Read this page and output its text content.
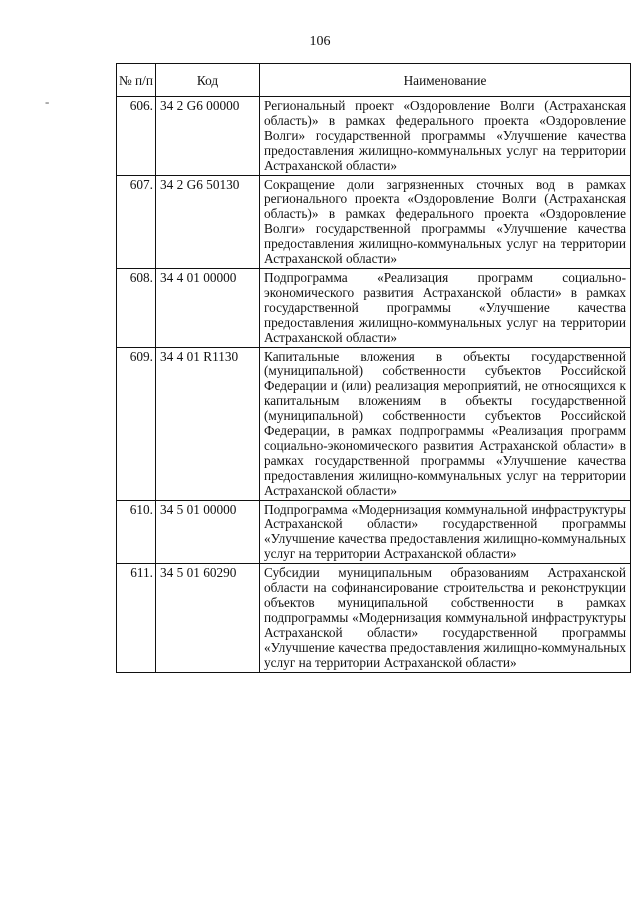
106
-
№ п/п	Код	Наименование
606.	34 2 G6 00000	Региональный проект «Оздоровление Волги (Астраханская область)» в рамках федерального проекта «Оздоровление Волги» государственной программы «Улучшение качества предоставления жилищно-коммунальных услуг на территории Астраханской области»
607.	34 2 G6 50130	Сокращение доли загрязненных сточных вод в рамках регионального проекта «Оздоровление Волги (Астраханская область)» в рамках федерального проекта «Оздоровление Волги» государственной программы «Улучшение качества предоставления жилищно-коммунальных услуг на территории Астраханской области»
608.	34 4 01 00000	Подпрограмма «Реализация программ социально-экономического развития Астраханской области» в рамках государственной программы «Улучшение качества предоставления жилищно-коммунальных услуг на территории Астраханской области»
609.	34 4 01 R1130	Капитальные вложения в объекты государственной (муниципальной) собственности субъектов Российской Федерации и (или) реализация мероприятий, не относящихся к капитальным вложениям в объекты государственной (муниципальной) собственности субъектов Российской Федерации, в рамках подпрограммы «Реализация программ социально-экономического развития Астраханской области» в рамках государственной программы «Улучшение качества предоставления жилищно-коммунальных услуг на территории Астраханской области»
610.	34 5 01 00000	Подпрограмма «Модернизация коммунальной инфраструктуры Астраханской области» государственной программы «Улучшение качества предоставления жилищно-коммунальных услуг на территории Астраханской области»
611.	34 5 01 60290	Субсидии муниципальным образованиям Астраханской области на софинансирование строительства и реконструкции объектов муниципальной собственности в рамках подпрограммы «Модернизация коммунальной инфраструктуры Астраханской области» государственной программы «Улучшение качества предоставления жилищно-коммунальных услуг на территории Астраханской области»
